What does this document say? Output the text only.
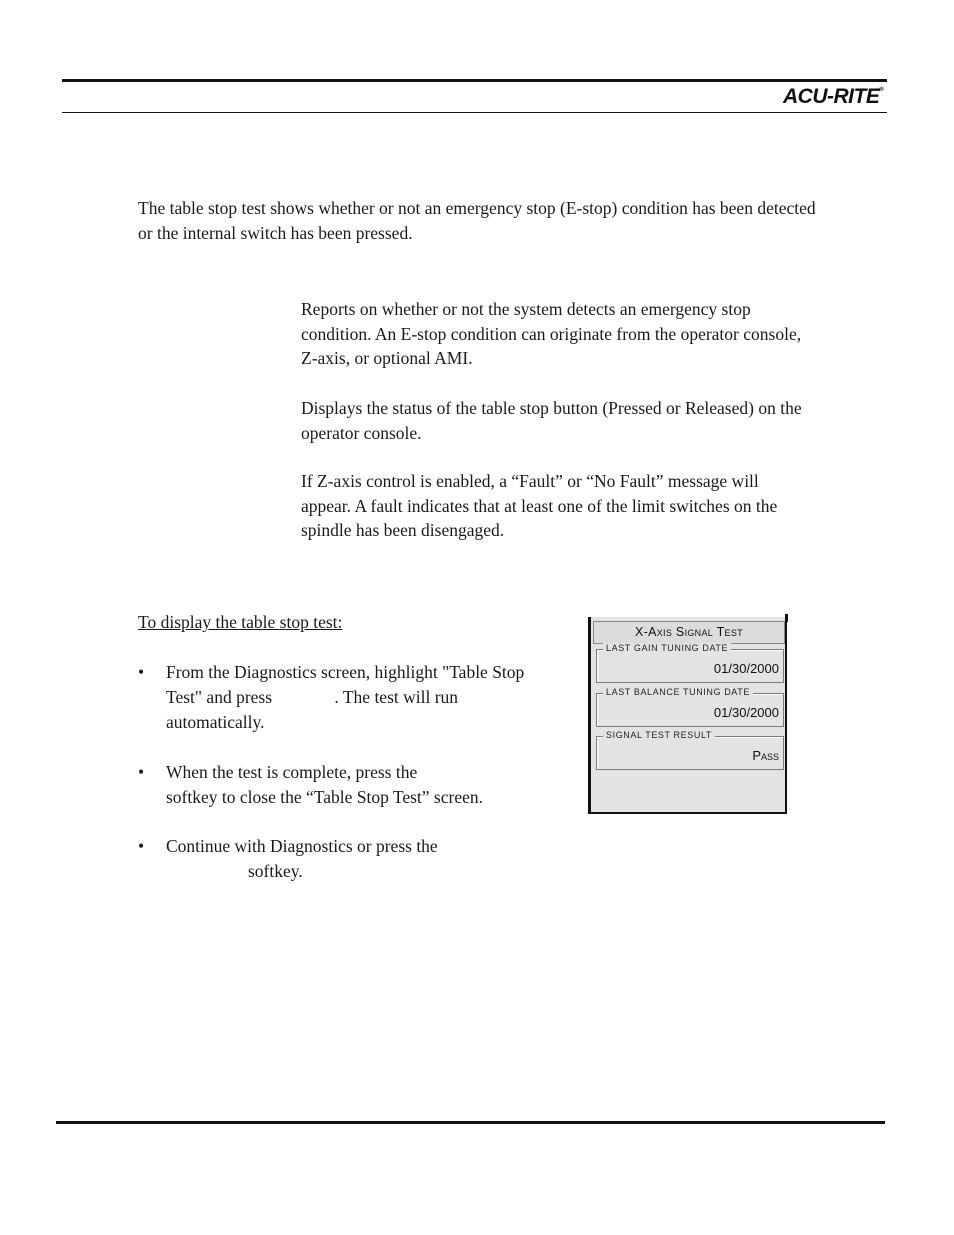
ACU-RITE®
The table stop test shows whether or not an emergency stop (E-stop) condition has been detected or the internal switch has been pressed.
Reports on whether or not the system detects an emergency stop condition. An E-stop condition can originate from the operator console, Z-axis, or optional AMI.
Displays the status of the table stop button (Pressed or Released) on the operator console.
If Z-axis control is enabled, a “Fault” or “No Fault” message will appear. A fault indicates that at least one of the limit switches on the spindle has been disengaged.
To display the table stop test:
• From the Diagnostics screen, highlight "Table Stop Test" and press	. The test will run automatically.
• When the test is complete, press the
softkey to close the “Table Stop Test” screen.
• Continue with Diagnostics or press the
softkey.
X-Axis Signal Test
LAST GAIN TUNING DATE
01/30/2000
LAST BALANCE TUNING DATE
01/30/2000
SIGNAL TEST RESULT
Pass
